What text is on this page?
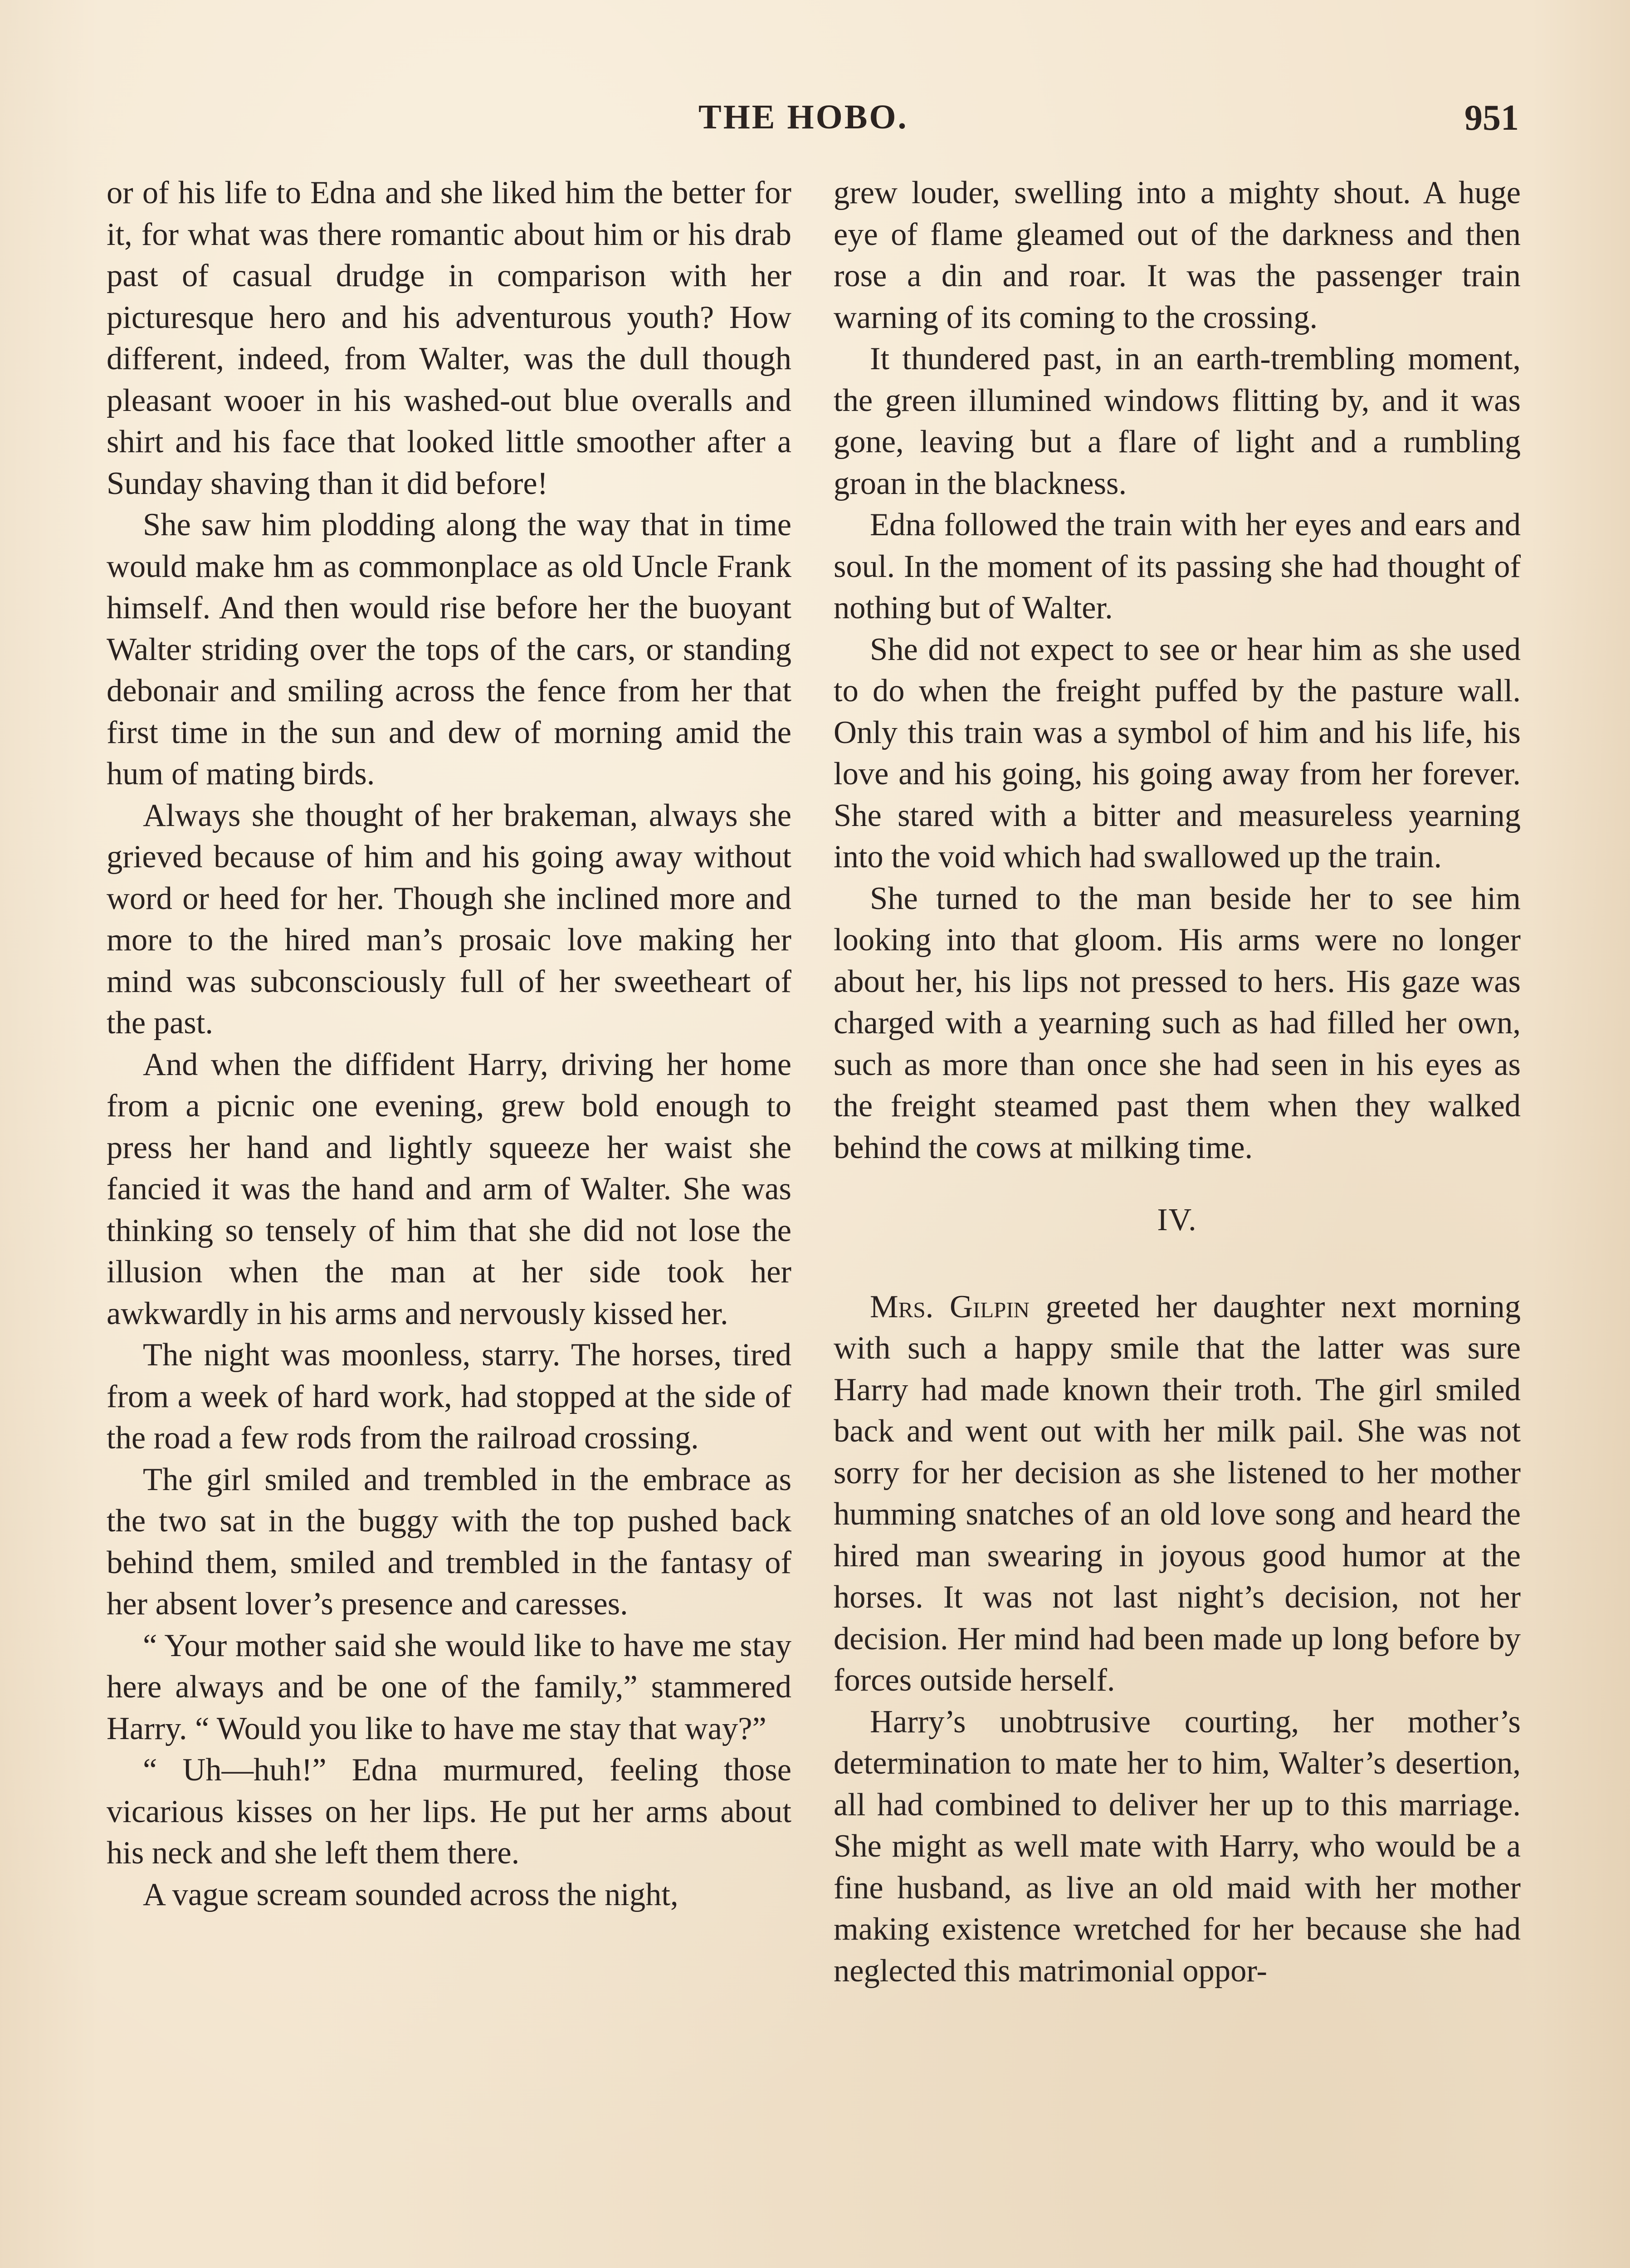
THE HOBO.	951

or of his life to Edna and she liked him the better for it, for what was there romantic about him or his drab past of casual drudge in comparison with her picturesque hero and his adventurous youth? How different, indeed, from Walter, was the dull though pleasant wooer in his washed-out blue overalls and shirt and his face that looked little smoother after a Sunday shaving than it did before!

She saw him plodding along the way that in time would make hm as commonplace as old Uncle Frank himself. And then would rise before her the buoyant Walter striding over the tops of the cars, or standing debonair and smiling across the fence from her that first time in the sun and dew of morning amid the hum of mating birds.

Always she thought of her brakeman, always she grieved because of him and his going away without word or heed for her. Though she inclined more and more to the hired man’s prosaic love making her mind was subconsciously full of her sweetheart of the past.

And when the diffident Harry, driving her home from a picnic one evening, grew bold enough to press her hand and lightly squeeze her waist she fancied it was the hand and arm of Walter. She was thinking so tensely of him that she did not lose the illusion when the man at her side took her awkwardly in his arms and nervously kissed her.

The night was moonless, starry. The horses, tired from a week of hard work, had stopped at the side of the road a few rods from the railroad crossing.

The girl smiled and trembled in the embrace as the two sat in the buggy with the top pushed back behind them, smiled and trembled in the fantasy of her absent lover’s presence and caresses.

“ Your mother said she would like to have me stay here always and be one of the family,” stammered Harry. “ Would you like to have me stay that way?”

“ Uh—huh!” Edna murmured, feeling those vicarious kisses on her lips. He put her arms about his neck and she left them there.

A vague scream sounded across the night,

grew louder, swelling into a mighty shout. A huge eye of flame gleamed out of the darkness and then rose a din and roar. It was the passenger train warning of its coming to the crossing.

It thundered past, in an earth-trembling moment, the green illumined windows flitting by, and it was gone, leaving but a flare of light and a rumbling groan in the blackness.

Edna followed the train with her eyes and ears and soul. In the moment of its passing she had thought of nothing but of Walter.

She did not expect to see or hear him as she used to do when the freight puffed by the pasture wall. Only this train was a symbol of him and his life, his love and his going, his going away from her forever. She stared with a bitter and measureless yearning into the void which had swallowed up the train.

She turned to the man beside her to see him looking into that gloom. His arms were no longer about her, his lips not pressed to hers. His gaze was charged with a yearning such as had filled her own, such as more than once she had seen in his eyes as the freight steamed past them when they walked behind the cows at milking time.

IV.

Mrs. Gilpin greeted her daughter next morning with such a happy smile that the latter was sure Harry had made known their troth. The girl smiled back and went out with her milk pail. She was not sorry for her decision as she listened to her mother humming snatches of an old love song and heard the hired man swearing in joyous good humor at the horses. It was not last night’s decision, not her decision. Her mind had been made up long before by forces outside herself.

Harry’s unobtrusive courting, her mother’s determination to mate her to him, Walter’s desertion, all had combined to deliver her up to this marriage. She might as well mate with Harry, who would be a fine husband, as live an old maid with her mother making existence wretched for her because she had neglected this matrimonial oppor-
